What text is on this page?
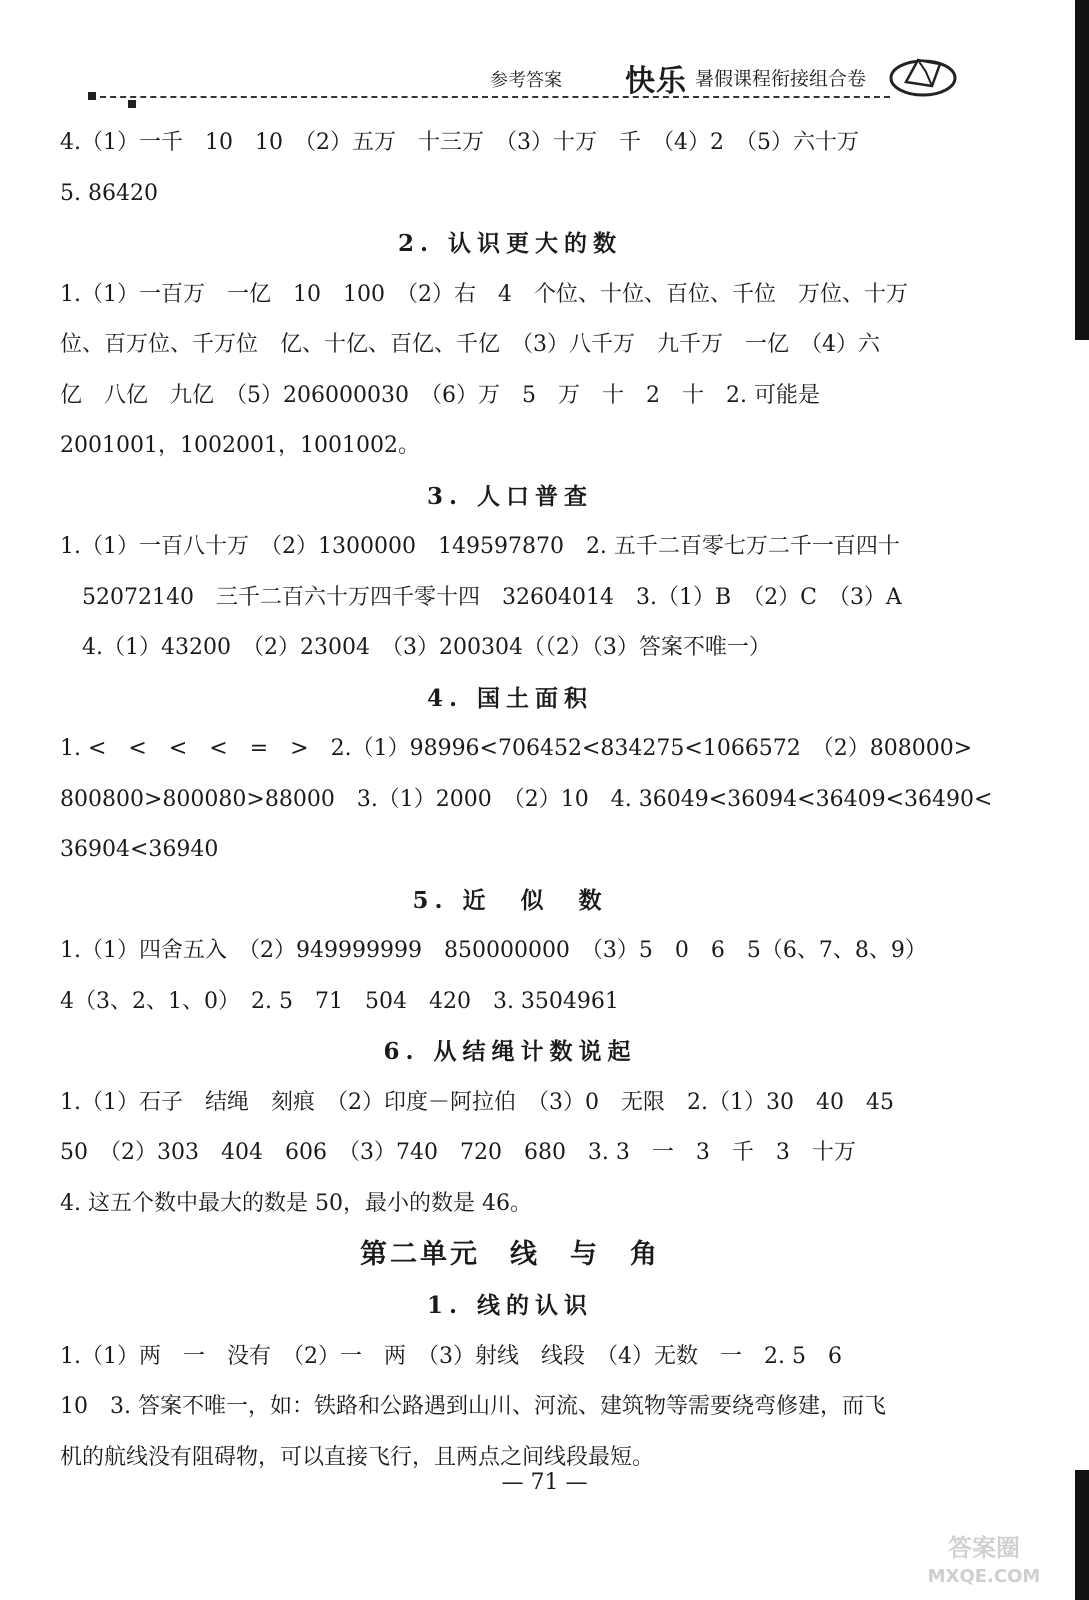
参考答案 快乐 暑假课程衔接组合卷
4.（1）一千　10　10　（2）五万　十三万　（3）十万　千　（4）2　（5）六十万
5. 86420
2. 认识更大的数
1.（1）一百万　一亿　10　100　（2）右　4　个位、十位、百位、千位　万位、十万
位、百万位、千万位　亿、十亿、百亿、千亿　（3）八千万　九千万　一亿　（4）六
亿　八亿　九亿　（5）206000030　（6）万　5　万　十　2　十　2. 可能是
2001001，1002001，1001002。
3. 人口普查
1.（1）一百八十万　（2）1300000　149597870　2. 五千二百零七万二千一百四十
　52072140　三千二百六十万四千零十四　32604014　3.（1）B　（2）C　（3）A
　4.（1）43200　（2）23004　（3）200304（（2）（3）答案不唯一）
4. 国土面积
1. <　<　<　<　=　>　2.（1）98996<706452<834275<1066572　（2）808000>
800800>800080>88000　3.（1）2000　（2）10　4. 36049<36094<36409<36490<
36904<36940
5. 近　似　数
1.（1）四舍五入　（2）949999999　850000000　（3）5　0　6　5（6、7、8、9）
4（3、2、1、0）　2. 5　71　504　420　3. 3504961
6. 从结绳计数说起
1.（1）石子　结绳　刻痕　（2）印度－阿拉伯　（3）0　无限　2.（1）30　40　45
50　（2）303　404　606　（3）740　720　680　3. 3　一　3　千　3　十万
4. 这五个数中最大的数是 50，最小的数是 46。
第二单元　线　与　角
1. 线的认识
1.（1）两　一　没有　（2）一　两　（3）射线　线段　（4）无数　一　2. 5　6
10　3. 答案不唯一，如：铁路和公路遇到山川、河流、建筑物等需要绕弯修建，而飞
机的航线没有阻碍物，可以直接飞行，且两点之间线段最短。
— 71 —
答案圈
MXQE.COM
